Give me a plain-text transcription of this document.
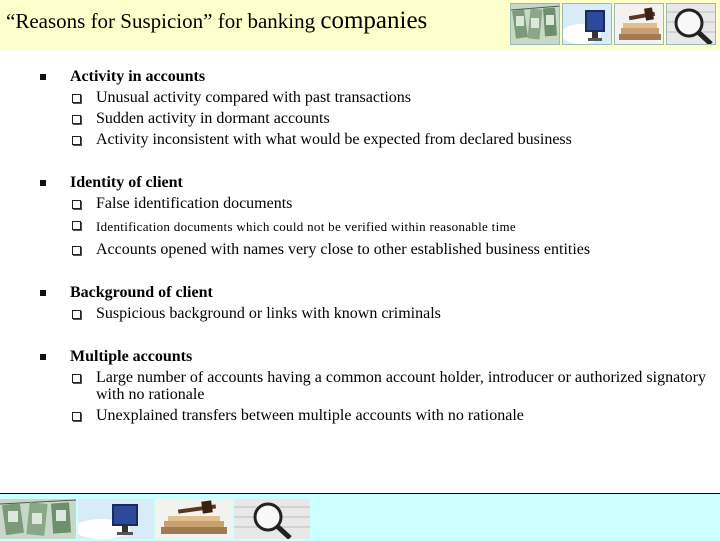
“Reasons for Suspicion” for banking companies
Activity in accounts
Unusual activity compared with past transactions
Sudden activity in dormant accounts
Activity inconsistent with what would be expected from declared business
Identity of client
False identification documents
Identification documents which could not be verified within reasonable time
Accounts opened with names very close to other established business entities
Background of client
Suspicious background or links with known criminals
Multiple accounts
Large number of accounts having a common account holder, introducer or authorized signatory with no rationale
Unexplained transfers between multiple accounts with no rationale
